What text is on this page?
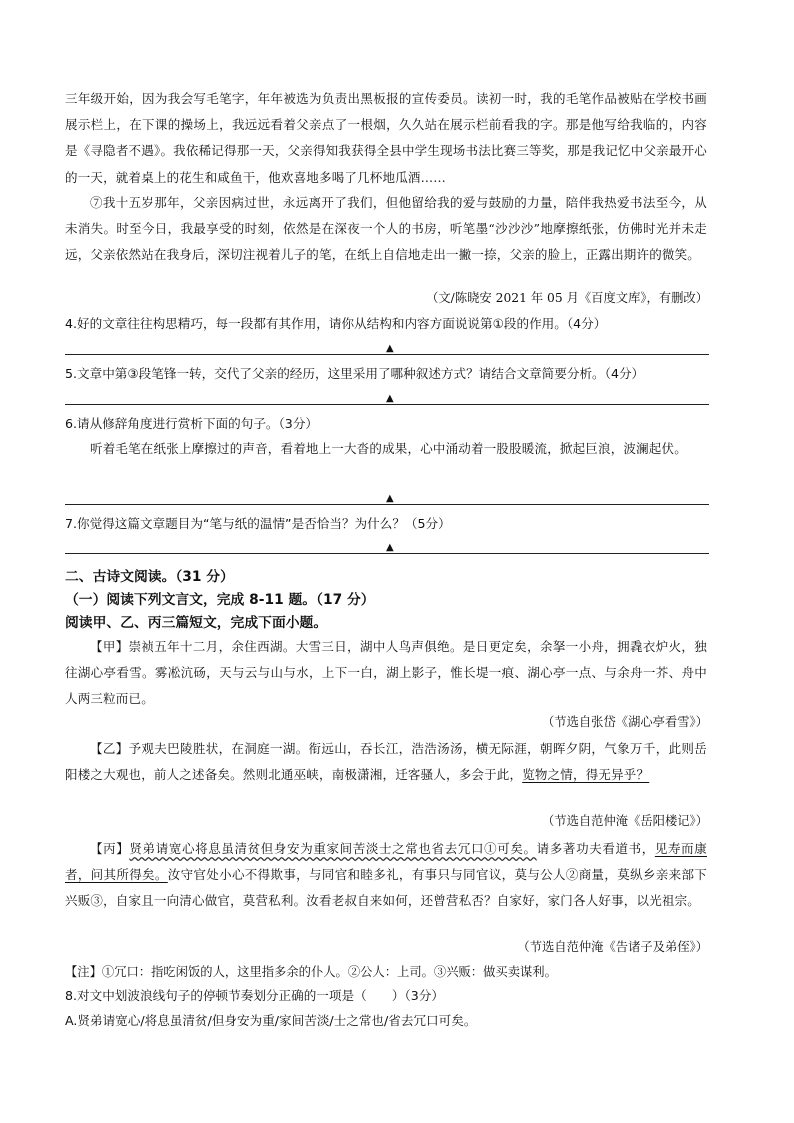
三年级开始，因为我会写毛笔字，年年被选为负责出黑板报的宣传委员。读初一时，我的毛笔作品被贴在学校书画展示栏上，在下课的操场上，我远远看着父亲点了一根烟，久久站在展示栏前看我的字。那是他写给我临的，内容是《寻隐者不遇》。我依稀记得那一天，父亲得知我获得全县中学生现场书法比赛三等奖，那是我记忆中父亲最开心的一天，就着桌上的花生和咸鱼干，他欢喜地多喝了几杯地瓜酒……
⑦我十五岁那年，父亲因病过世，永远离开了我们，但他留给我的爱与鼓励的力量，陪伴我热爱书法至今，从未消失。时至今日，我最享受的时刻，依然是在深夜一个人的书房，听笔墨“沙沙沙”地摩擦纸张，仿佛时光并未走远，父亲依然站在我身后，深切注视着儿子的笔，在纸上自信地走出一撇一捺，父亲的脸上，正露出期许的微笑。
（文/陈晓安 2021 年 05 月《百度文库》，有删改）
4.好的文章往往构思精巧，每一段都有其作用，请你从结构和内容方面说说第①段的作用。（4分）
▲
5.文章中第③段笔锋一转，交代了父亲的经历，这里采用了哪种叙述方式？请结合文章简要分析。（4分）
▲
6.请从修辞角度进行赏析下面的句子。（3分）
听着毛笔在纸张上摩擦过的声音，看着地上一大沓的成果，心中涌动着一股股暖流，掀起巨浪，波澜起伏。
▲
7.你觉得这篇文章题目为“笔与纸的温情”是否恰当？为什么？（5分）
▲
二、古诗文阅读。（31 分）
（一）阅读下列文言文，完成 8-11 题。（17 分）
阅读甲、乙、丙三篇短文，完成下面小题。
【甲】崇祯五年十二月，余住西湖。大雪三日，湖中人鸟声俱绝。是日更定矣，余拏一小舟，拥毳衣炉火，独往湖心亭看雪。雾凇沆砀，天与云与山与水，上下一白，湖上影子，惟长堤一痕、湖心亭一点、与余舟一芥、舟中人两三粒而已。
（节选自张岱《湖心亭看雪》）
【乙】予观夫巴陵胜状，在洞庭一湖。衔远山，吞长江，浩浩汤汤，横无际涯，朝晖夕阴，气象万千，此则岳阳楼之大观也，前人之述备矣。然则北通巫峡，南极潇湘，迁客骚人，多会于此，览物之情，得无异乎？
（节选自范仲淹《岳阳楼记》）
【丙】贤弟请宽心将息虽清贫但身安为重家间苦淡士之常也省去冗口①可矣。请多著功夫看道书，见寿而康者，问其所得矣。汝守官处小心不得欺事，与同官和睦多礼，有事只与同官议，莫与公人②商量，莫纵乡亲来部下兴贩③，自家且一向清心做官，莫营私利。汝看老叔自来如何，还曾营私否？自家好，家门各人好事，以光祖宗。
（节选自范仲淹《告诸子及弟侄》）
【注】①冗口：指吃闲饭的人，这里指多余的仆人。②公人：上司。③兴贩：做买卖谋利。
8.对文中划波浪线句子的停顿节奏划分正确的一项是（　　）（3分）
A.贤弟请宽心/将息虽清贫/但身安为重/家间苦淡/士之常也/省去冗口可矣。
